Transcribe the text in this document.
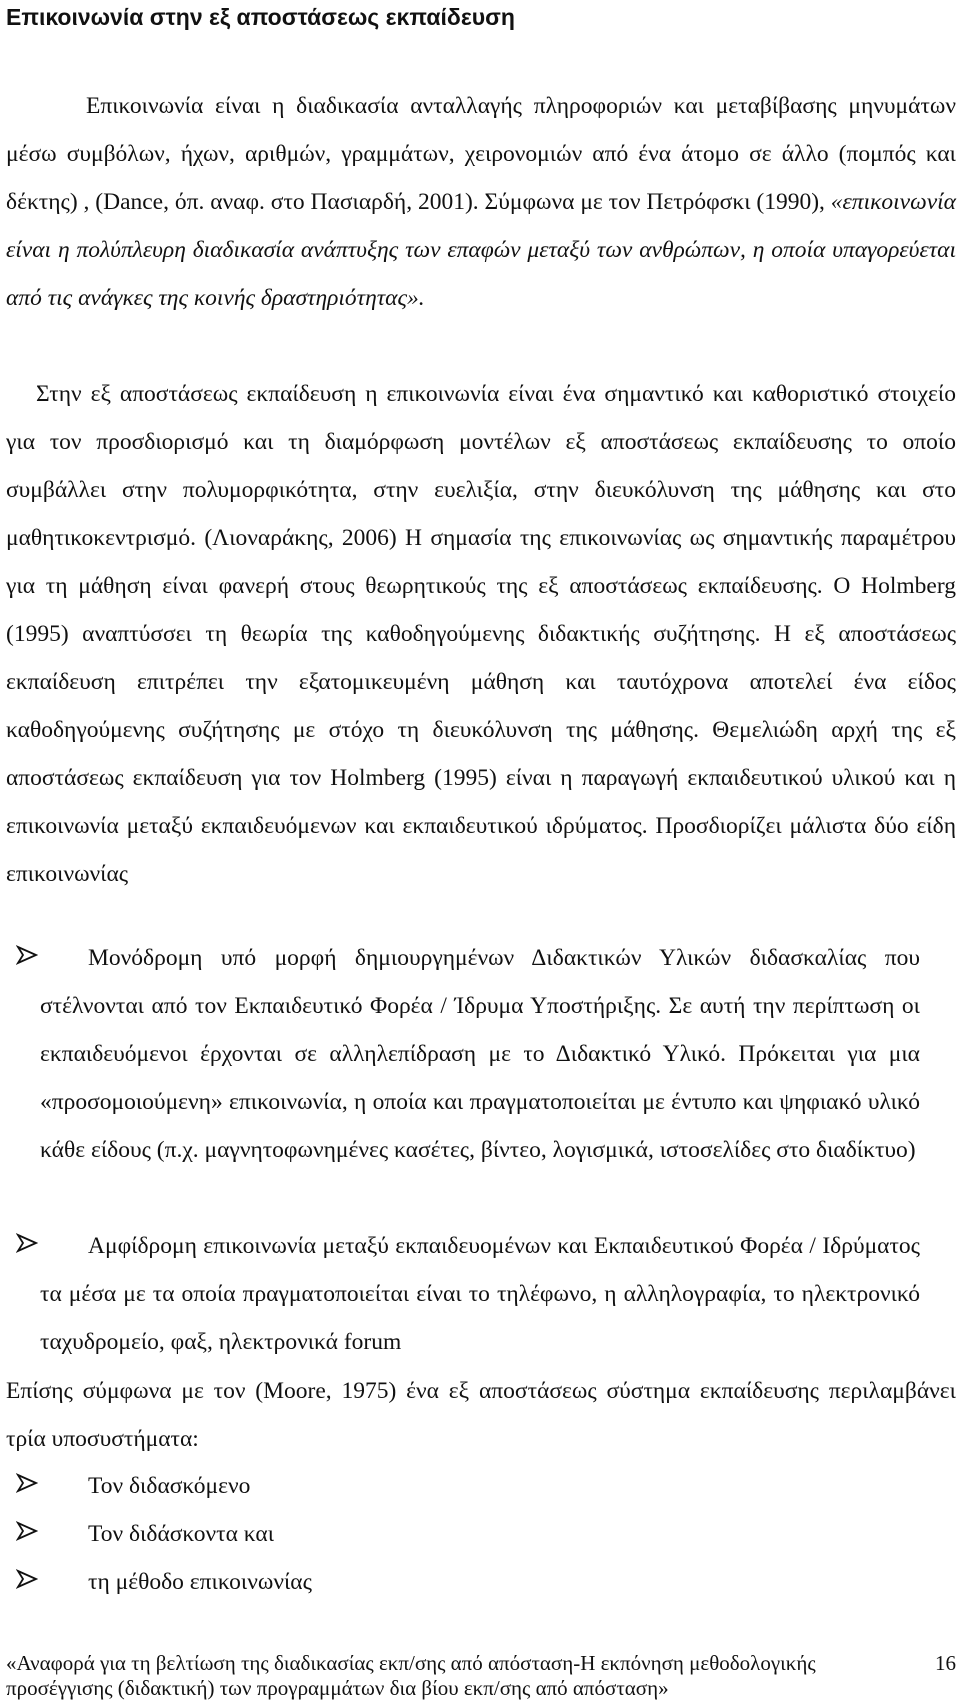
Επικοινωνία στην εξ αποστάσεως εκπαίδευση

Επικοινωνία είναι η διαδικασία ανταλλαγής πληροφοριών και μεταβίβασης μηνυμάτων μέσω συμβόλων, ήχων, αριθμών, γραμμάτων, χειρονομιών από ένα άτομο σε άλλο (πομπός και δέκτης) , (Dance, όπ. αναφ. στο Πασιαρδή, 2001). Σύμφωνα με τον Πετρόφσκι (1990), «επικοινωνία είναι η πολύπλευρη διαδικασία ανάπτυξης των επαφών μεταξύ των ανθρώπων, η οποία υπαγορεύεται από τις ανάγκες της κοινής δραστηριότητας».

Στην εξ αποστάσεως εκπαίδευση η επικοινωνία είναι ένα σημαντικό και καθοριστικό στοιχείο για τον προσδιορισμό και τη διαμόρφωση μοντέλων εξ αποστάσεως εκπαίδευσης το οποίο συμβάλλει στην πολυμορφικότητα, στην ευελιξία, στην διευκόλυνση της μάθησης και στο μαθητικοκεντρισμό. (Λιοναράκης, 2006) Η σημασία της επικοινωνίας ως σημαντικής παραμέτρου για τη μάθηση είναι φανερή στους θεωρητικούς της εξ αποστάσεως εκπαίδευσης. Ο Holmberg (1995) αναπτύσσει τη θεωρία της καθοδηγούμενης διδακτικής συζήτησης. Η εξ αποστάσεως εκπαίδευση επιτρέπει την εξατομικευμένη μάθηση και ταυτόχρονα αποτελεί ένα είδος καθοδηγούμενης συζήτησης με στόχο τη διευκόλυνση της μάθησης. Θεμελιώδη αρχή της εξ αποστάσεως εκπαίδευση για τον Holmberg (1995) είναι η παραγωγή εκπαιδευτικού υλικού και η επικοινωνία μεταξύ εκπαιδευόμενων και εκπαιδευτικού ιδρύματος. Προσδιορίζει μάλιστα δύο είδη επικοινωνίας

Μονόδρομη υπό μορφή δημιουργημένων Διδακτικών Υλικών διδασκαλίας που στέλνονται από τον Εκπαιδευτικό Φορέα / Ίδρυμα Υποστήριξης. Σε αυτή την περίπτωση οι εκπαιδευόμενοι έρχονται σε αλληλεπίδραση με το Διδακτικό Υλικό. Πρόκειται για μια «προσομοιούμενη» επικοινωνία, η οποία και πραγματοποιείται με έντυπο και ψηφιακό υλικό κάθε είδους (π.χ. μαγνητοφωνημένες κασέτες, βίντεο, λογισμικά, ιστοσελίδες στο διαδίκτυο)

Αμφίδρομη επικοινωνία μεταξύ εκπαιδευομένων και Εκπαιδευτικού Φορέα / Ιδρύματος τα μέσα με τα οποία πραγματοποιείται είναι το τηλέφωνο, η αλληλογραφία, το ηλεκτρονικό ταχυδρομείο, φαξ, ηλεκτρονικά forum

Επίσης σύμφωνα με τον (Moore, 1975) ένα εξ αποστάσεως σύστημα εκπαίδευσης περιλαμβάνει τρία υποσυστήματα:

Τον διδασκόμενο

Τον διδάσκοντα και

τη μέθοδο επικοινωνίας

«Αναφορά για τη βελτίωση της διαδικασίας εκπ/σης από απόσταση-Η εκπόνηση μεθοδολογικής προσέγγισης (διδακτική) των προγραμμάτων δια βίου εκπ/σης από απόσταση»
16
